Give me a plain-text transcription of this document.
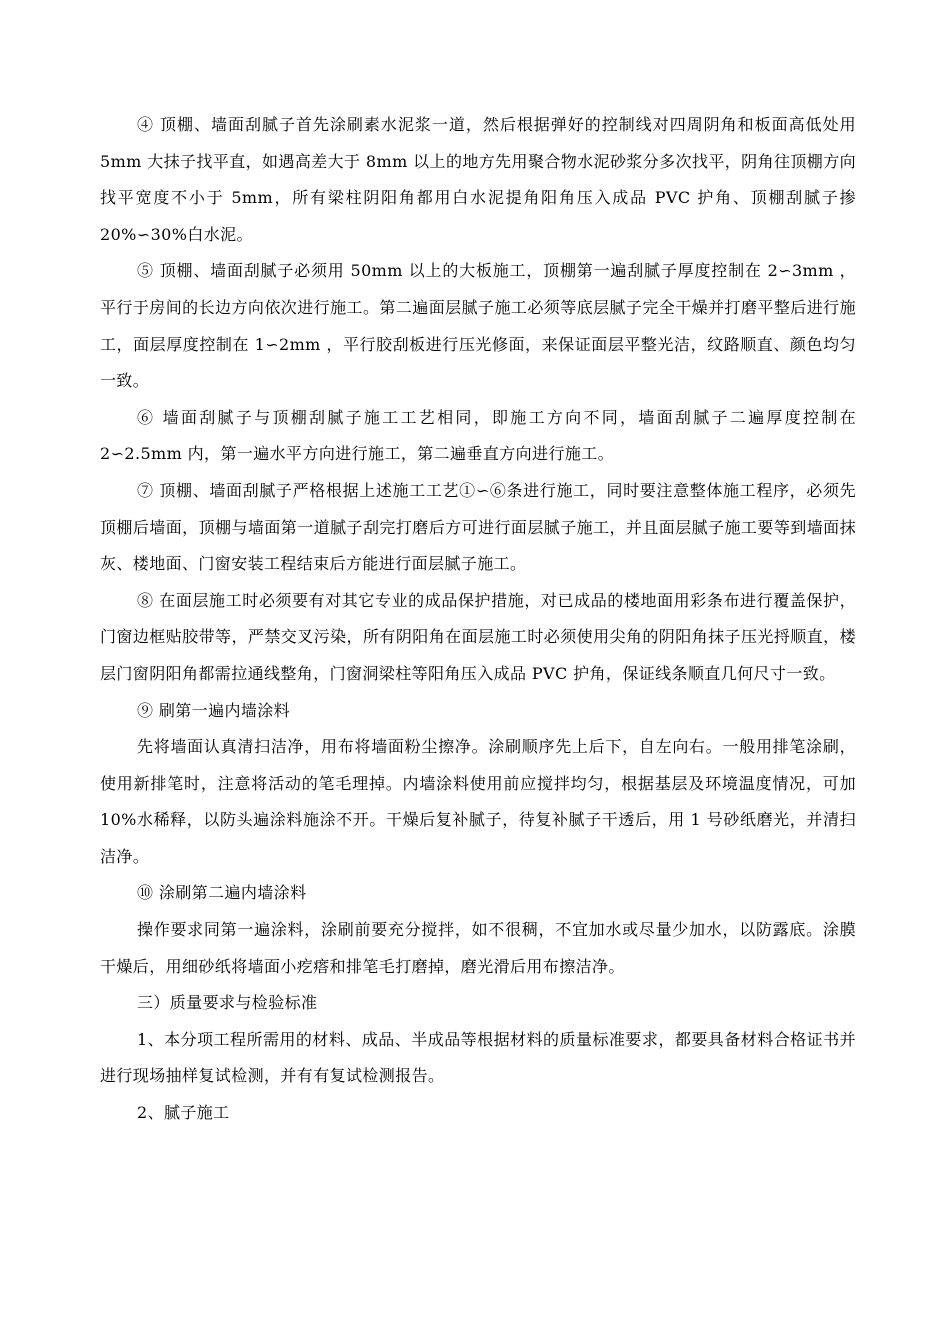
④ 顶棚、墙面刮腻子首先涂刷素水泥浆一道，然后根据弹好的控制线对四周阴角和板面高低处用 5mm 大抹子找平直，如遇高差大于 8mm 以上的地方先用聚合物水泥砂浆分多次找平，阴角往顶棚方向找平宽度不小于 5mm，所有梁柱阴阳角都用白水泥提角阳角压入成品 PVC 护角、顶棚刮腻子掺 20%∽30%白水泥。

⑤ 顶棚、墙面刮腻子必须用 50mm 以上的大板施工，顶棚第一遍刮腻子厚度控制在 2∽3mm ，平行于房间的长边方向依次进行施工。第二遍面层腻子施工必须等底层腻子完全干燥并打磨平整后进行施工，面层厚度控制在 1∽2mm ，平行胶刮板进行压光修面，来保证面层平整光洁，纹路顺直、颜色均匀一致。

⑥ 墙面刮腻子与顶棚刮腻子施工工艺相同，即施工方向不同，墙面刮腻子二遍厚度控制在 2∽2.5mm 内，第一遍水平方向进行施工，第二遍垂直方向进行施工。

⑦ 顶棚、墙面刮腻子严格根据上述施工工艺①∽⑥条进行施工，同时要注意整体施工程序，必须先顶棚后墙面，顶棚与墙面第一道腻子刮完打磨后方可进行面层腻子施工，并且面层腻子施工要等到墙面抹灰、楼地面、门窗安装工程结束后方能进行面层腻子施工。

⑧ 在面层施工时必须要有对其它专业的成品保护措施，对已成品的楼地面用彩条布进行覆盖保护，门窗边框贴胶带等，严禁交叉污染，所有阴阳角在面层施工时必须使用尖角的阴阳角抹子压光捋顺直，楼层门窗阴阳角都需拉通线整角，门窗洞梁柱等阳角压入成品 PVC 护角，保证线条顺直几何尺寸一致。

⑨ 刷第一遍内墙涂料

先将墙面认真清扫洁净，用布将墙面粉尘擦净。涂刷顺序先上后下，自左向右。一般用排笔涂刷，使用新排笔时，注意将活动的笔毛理掉。内墙涂料使用前应搅拌均匀，根据基层及环境温度情况，可加 10%水稀释，以防头遍涂料施涂不开。干燥后复补腻子，待复补腻子干透后，用 1 号砂纸磨光，并清扫洁净。

⑩ 涂刷第二遍内墙涂料

操作要求同第一遍涂料，涂刷前要充分搅拌，如不很稠，不宜加水或尽量少加水，以防露底。涂膜干燥后，用细砂纸将墙面小疙瘩和排笔毛打磨掉，磨光滑后用布擦洁净。

三）质量要求与检验标准

1、本分项工程所需用的材料、成品、半成品等根据材料的质量标准要求，都要具备材料合格证书并进行现场抽样复试检测，并有有复试检测报告。

2、腻子施工
